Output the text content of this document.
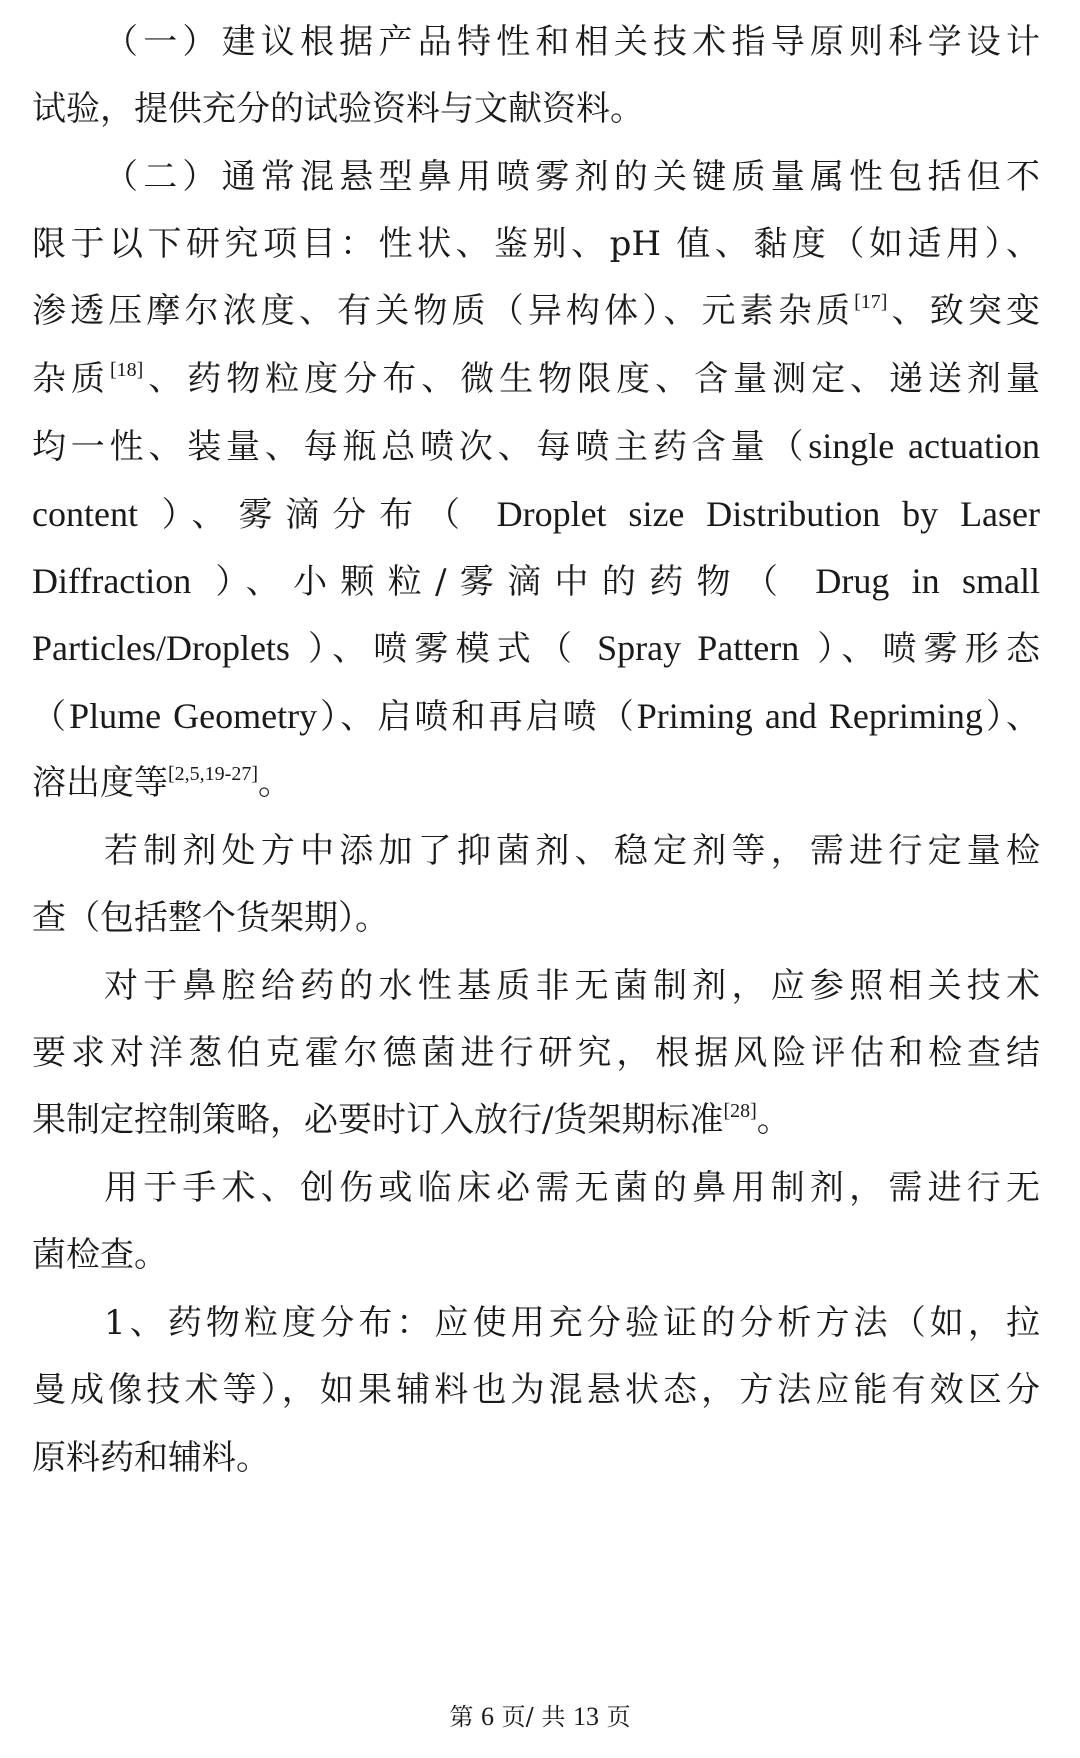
（一）建议根据产品特性和相关技术指导原则科学设计
试验，提供充分的试验资料与文献资料。
（二）通常混悬型鼻用喷雾剂的关键质量属性包括但不
限于以下研究项目：性状、鉴别、pH 值、黏度（如适用）、
渗透压摩尔浓度、有关物质（异构体）、元素杂质[17]、致突变
杂质[18]、药物粒度分布、微生物限度、含量测定、递送剂量
均一性、装量、每瓶总喷次、每喷主药含量（single actuation
content ）、雾滴分布（ Droplet size Distribution by Laser
Diffraction ）、小颗粒/雾滴中的药物（ Drug in small
Particles/Droplets ）、喷雾模式（ Spray Pattern ）、喷雾形态
（Plume Geometry）、启喷和再启喷（Priming and Repriming）、
溶出度等[2,5,19-27]。
若制剂处方中添加了抑菌剂、稳定剂等，需进行定量检
查（包括整个货架期）。
对于鼻腔给药的水性基质非无菌制剂，应参照相关技术
要求对洋葱伯克霍尔德菌进行研究，根据风险评估和检查结
果制定控制策略，必要时订入放行/货架期标准[28]。
用于手术、创伤或临床必需无菌的鼻用制剂，需进行无
菌检查。
1、药物粒度分布：应使用充分验证的分析方法（如，拉
曼成像技术等），如果辅料也为混悬状态，方法应能有效区分
原料药和辅料。
第 6 页/ 共 13 页
